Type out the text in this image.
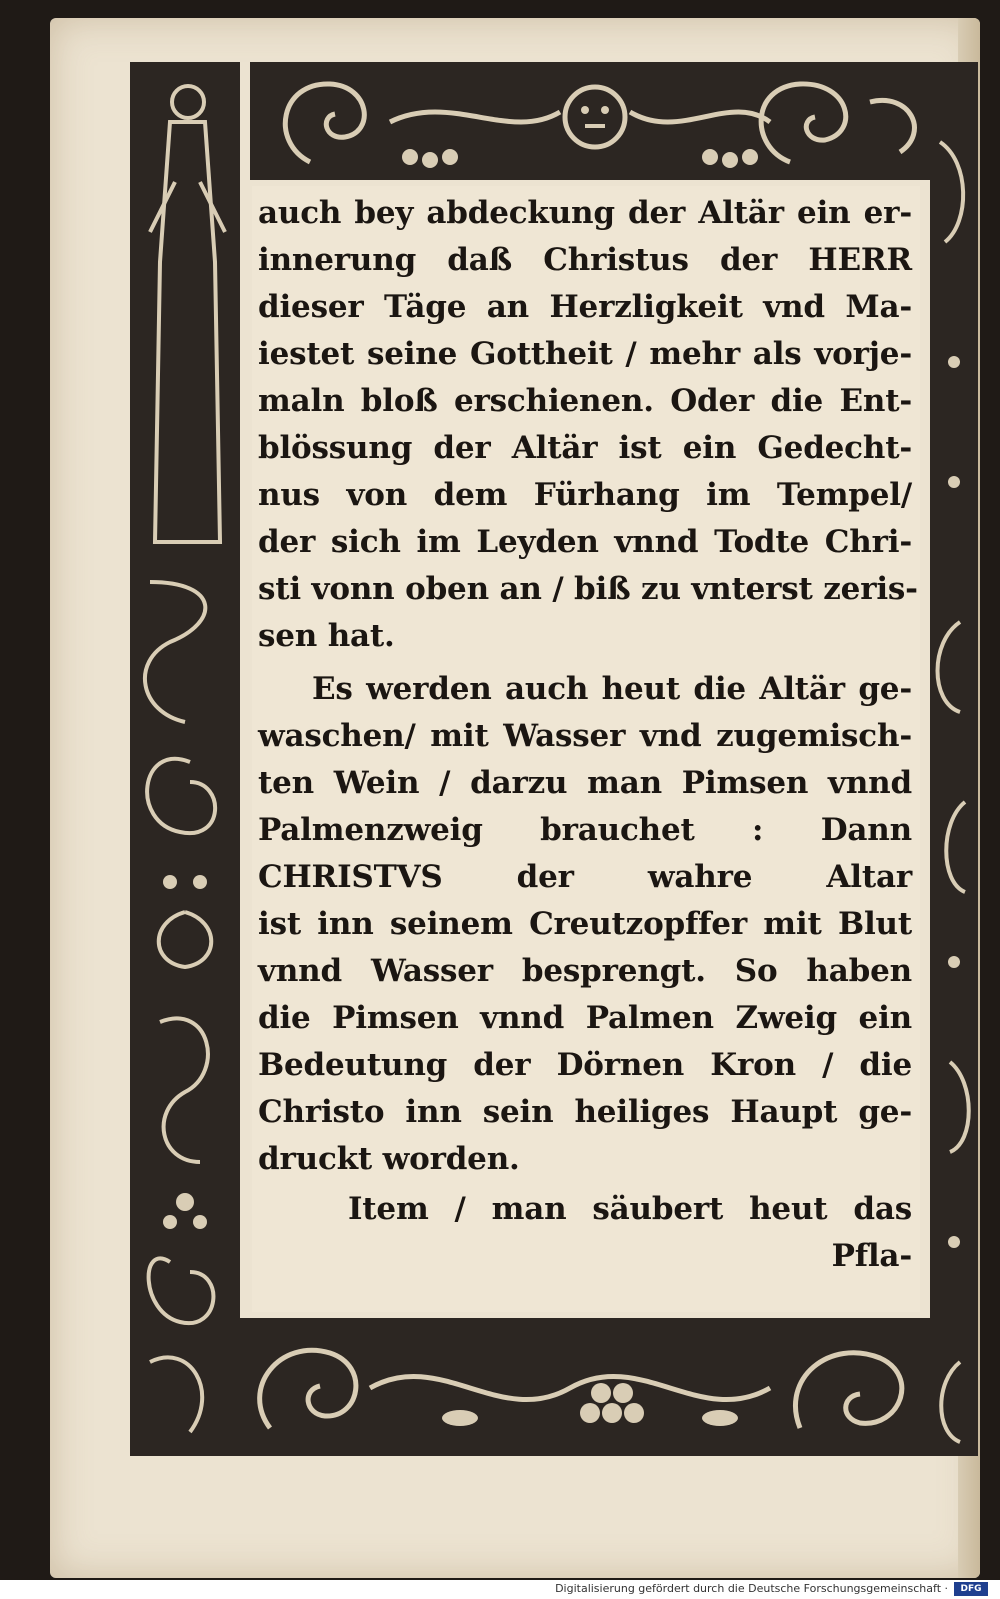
auch bey abdeckung der Altär ein er-
innerung daß Christus der HERR
dieser Täge an Herzligkeit vnd Ma-
iestet seine Gottheit / mehr als vorje-
maln bloß erschienen. Oder die Ent-
blössung der Altär ist ein Gedecht-
nus von dem Fürhang im Tempel/
der sich im Leyden vnnd Todte Chri-
sti vonn oben an / biß zu vnterst zeris-
sen hat.
Es werden auch heut die Altär ge-
waschen/ mit Wasser vnd zugemisch-
ten Wein / darzu man Pimsen vnnd
Palmenzweig brauchet : Dann
CHRISTVS der wahre Altar
ist inn seinem Creutzopffer mit Blut
vnnd Wasser besprengt. So haben
die Pimsen vnnd Palmen Zweig ein
Bedeutung der Dörnen Kron / die
Christo inn sein heiliges Haupt ge-
druckt worden.
Item / man säubert heut das
Pfla-
Digitalisierung gefördert durch die Deutsche Forschungsgemeinschaft ·	DFG
